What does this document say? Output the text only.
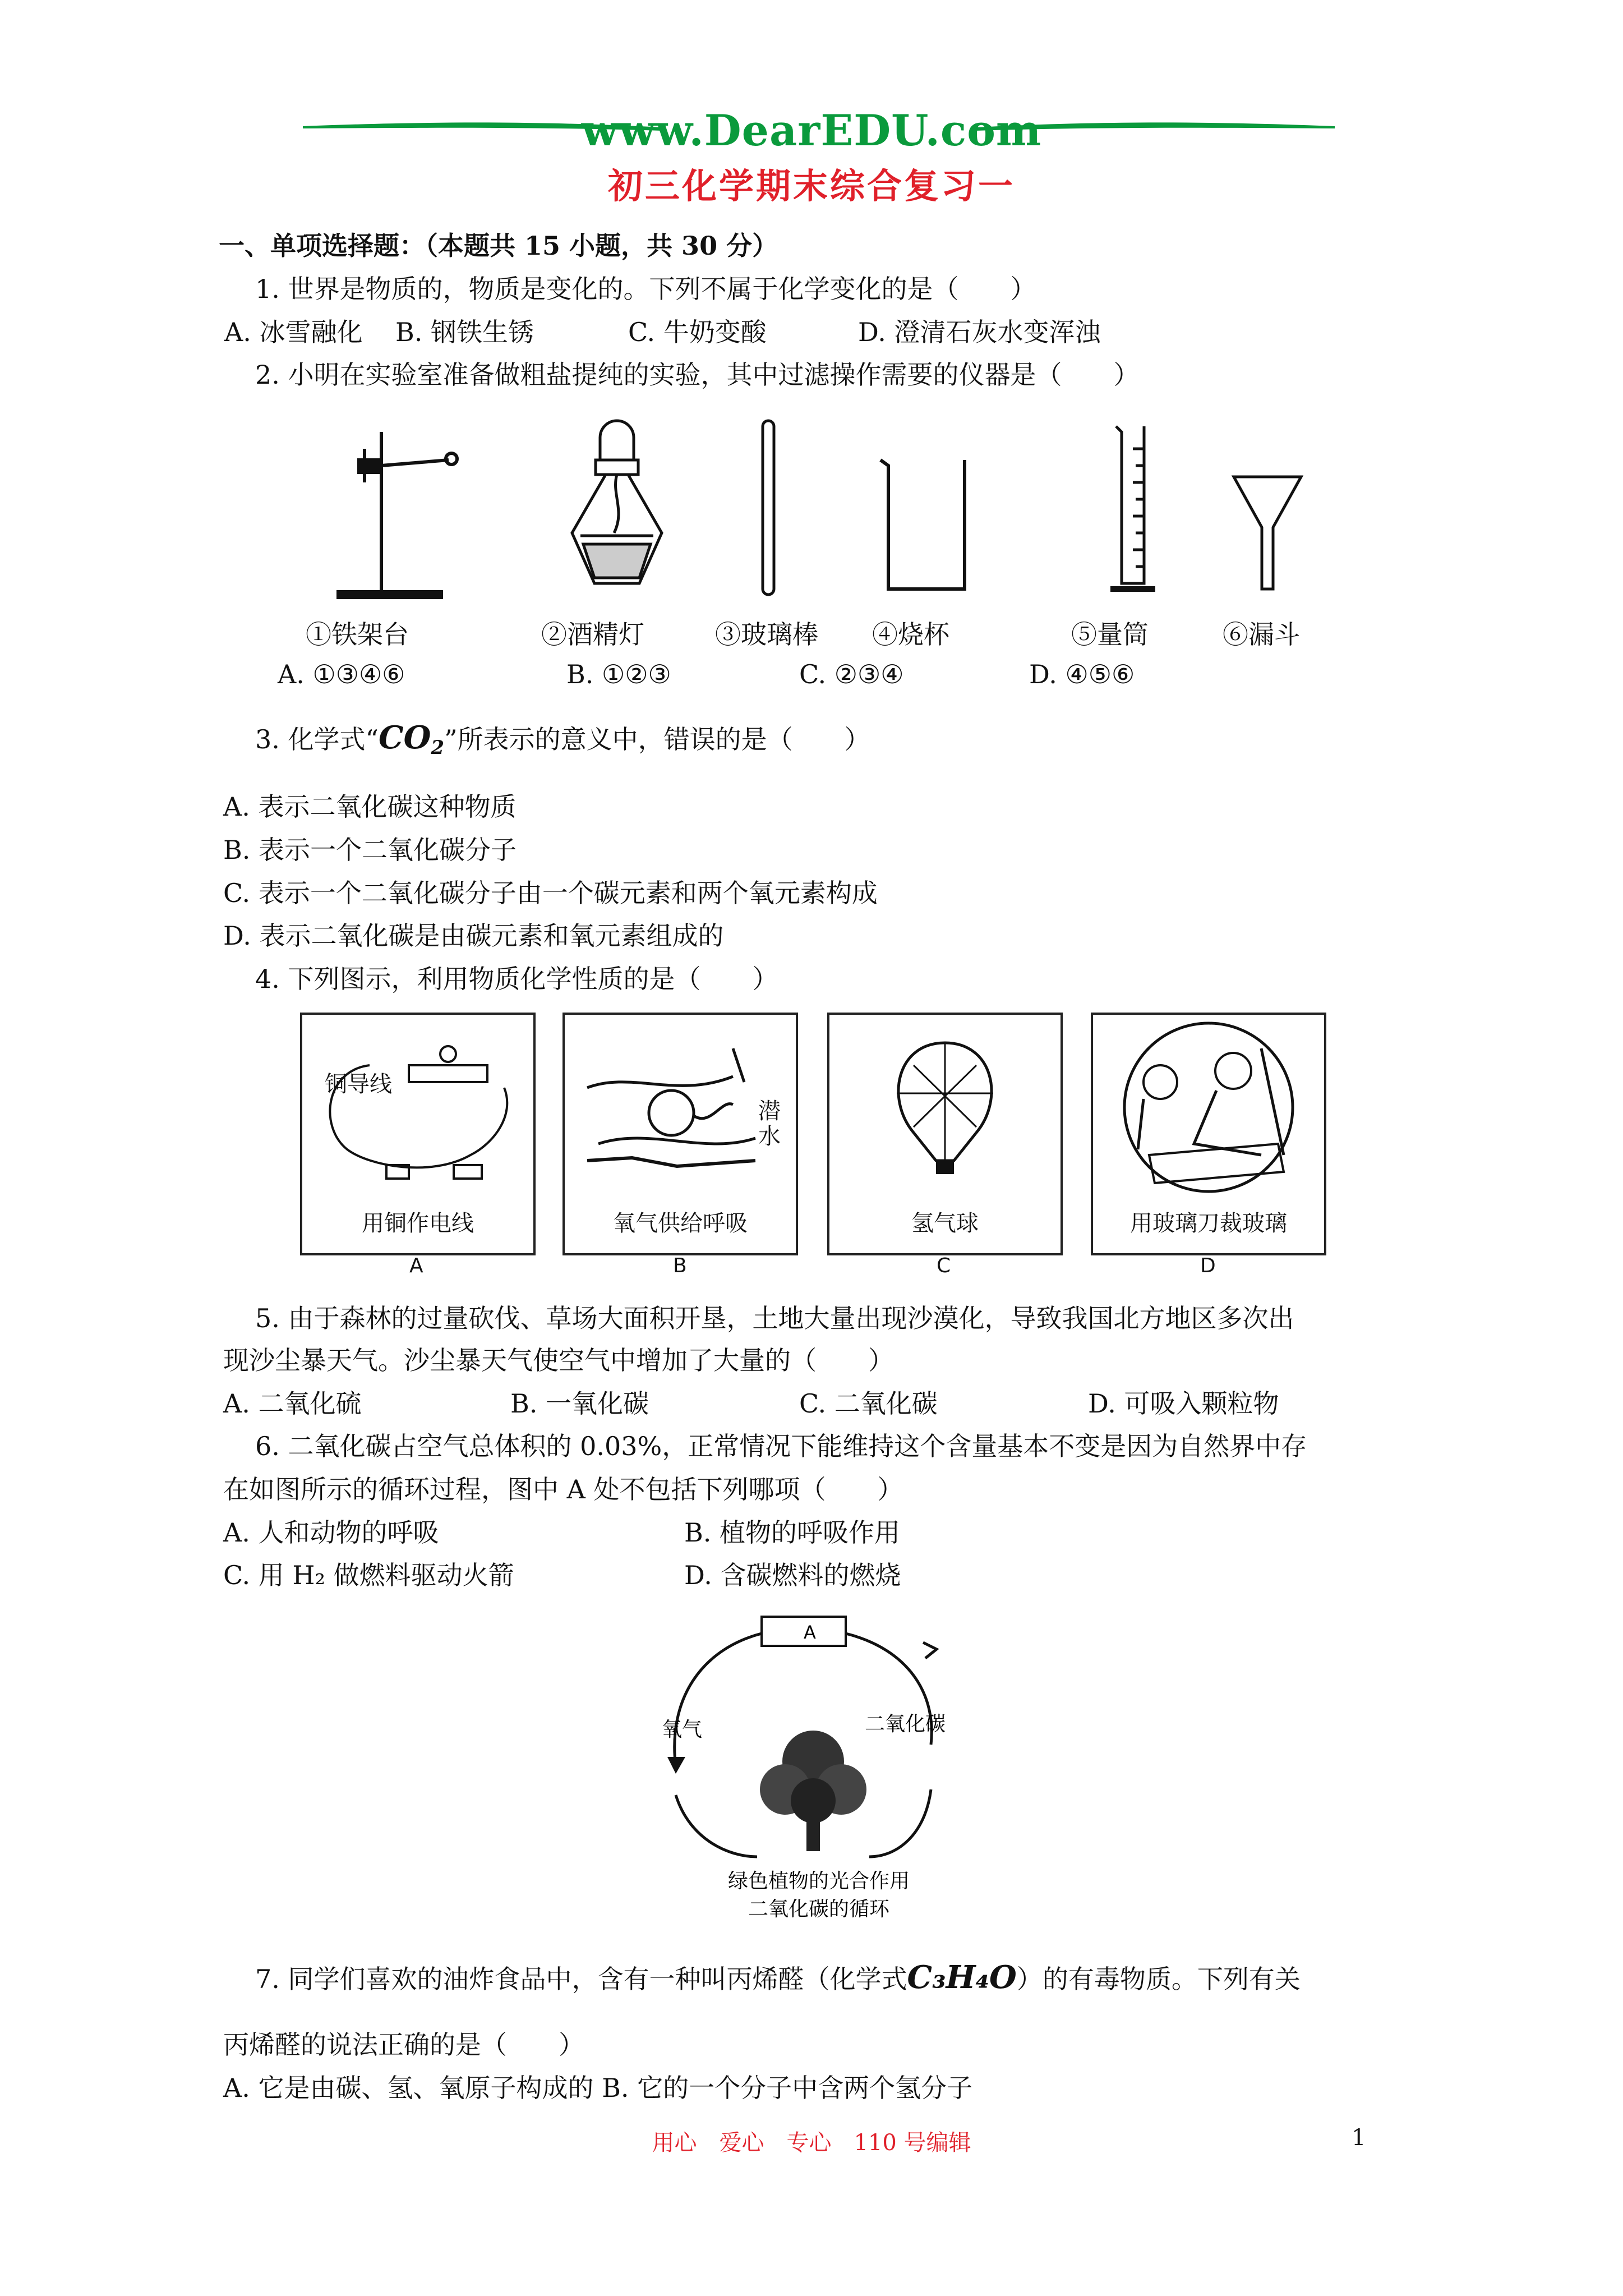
www.DearEDU.com
初三化学期末综合复习一
一、单项选择题：（本题共 15 小题，共 30 分）
1. 世界是物质的，物质是变化的。下列不属于化学变化的是（　　）
A. 冰雪融化 B. 钢铁生锈	C. 牛奶变酸	D. 澄清石灰水变浑浊
2. 小明在实验室准备做粗盐提纯的实验，其中过滤操作需要的仪器是（　　）
①铁架台	②酒精灯	③玻璃棒 ④烧杯	⑤量筒	⑥漏斗
A. ①③④⑥	B. ①②③	C. ②③④	D. ④⑤⑥
3. 化学式“$CO_2$”所表示的意义中，错误的是（　　）
A. 表示二氧化碳这种物质
B. 表示一个二氧化碳分子
C. 表示一个二氧化碳分子由一个碳元素和两个氧元素构成
D. 表示二氧化碳是由碳元素和氧元素组成的
4. 下列图示，利用物质化学性质的是（　　）
铜导线
用铜作电线
A
潜
水
氧气供给呼吸
B
氢气球
C
用玻璃刀裁玻璃
D
5. 由于森林的过量砍伐、草场大面积开垦，土地大量出现沙漠化，导致我国北方地区多次出
现沙尘暴天气。沙尘暴天气使空气中增加了大量的（　　）
A. 二氧化硫	B. 一氧化碳	C. 二氧化碳	D. 可吸入颗粒物
6. 二氧化碳占空气总体积的 0.03%，正常情况下能维持这个含量基本不变是因为自然界中存
在如图所示的循环过程，图中 A 处不包括下列哪项（　　）
A. 人和动物的呼吸	B. 植物的呼吸作用
C. 用 H₂ 做燃料驱动火箭	D. 含碳燃料的燃烧
A
氧气	二氧化碳
绿色植物的光合作用
二氧化碳的循环
7. 同学们喜欢的油炸食品中，含有一种叫丙烯醛（化学式C₃H₄O）的有毒物质。下列有关
丙烯醛的说法正确的是（　　）
A. 它是由碳、氢、氧原子构成的 B. 它的一个分子中含两个氢分子
用心　爱心　专心　110 号编辑	1
